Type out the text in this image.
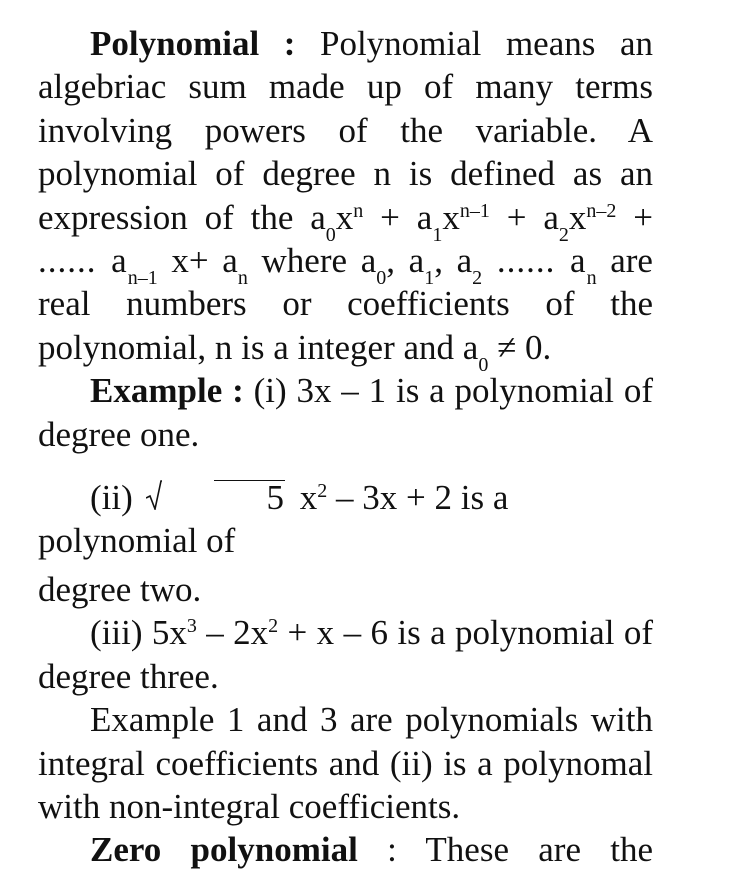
Polynomial : Polynomial means an algebriac sum made up of many terms involving powers of the variable. A polynomial of degree n is defined as an expression of the $a_0x^n + a_1x^{n-1} + a_2x^{n-2}$ + ...... $a_{n-1}$ $x+ a_n$ where $a_0$, $a_1$, $a_2$ ...... $a_n$ are real numbers or coefficients of the polynomial, n is a integer and $a_0 \ne 0$.

Example : (i) 3x – 1 is a polynomial of degree one.

(ii)	5 $x^2 - 3x + 2$ is a polynomial of

degree two.

(iii) $5x^3 - 2x^2 + x - 6$ is a polynomial of degree three.

Example 1 and 3 are polynomials with integral coefficients and (ii) is a polynomal with non-integral coefficients.

Zero polynomial : These are the
